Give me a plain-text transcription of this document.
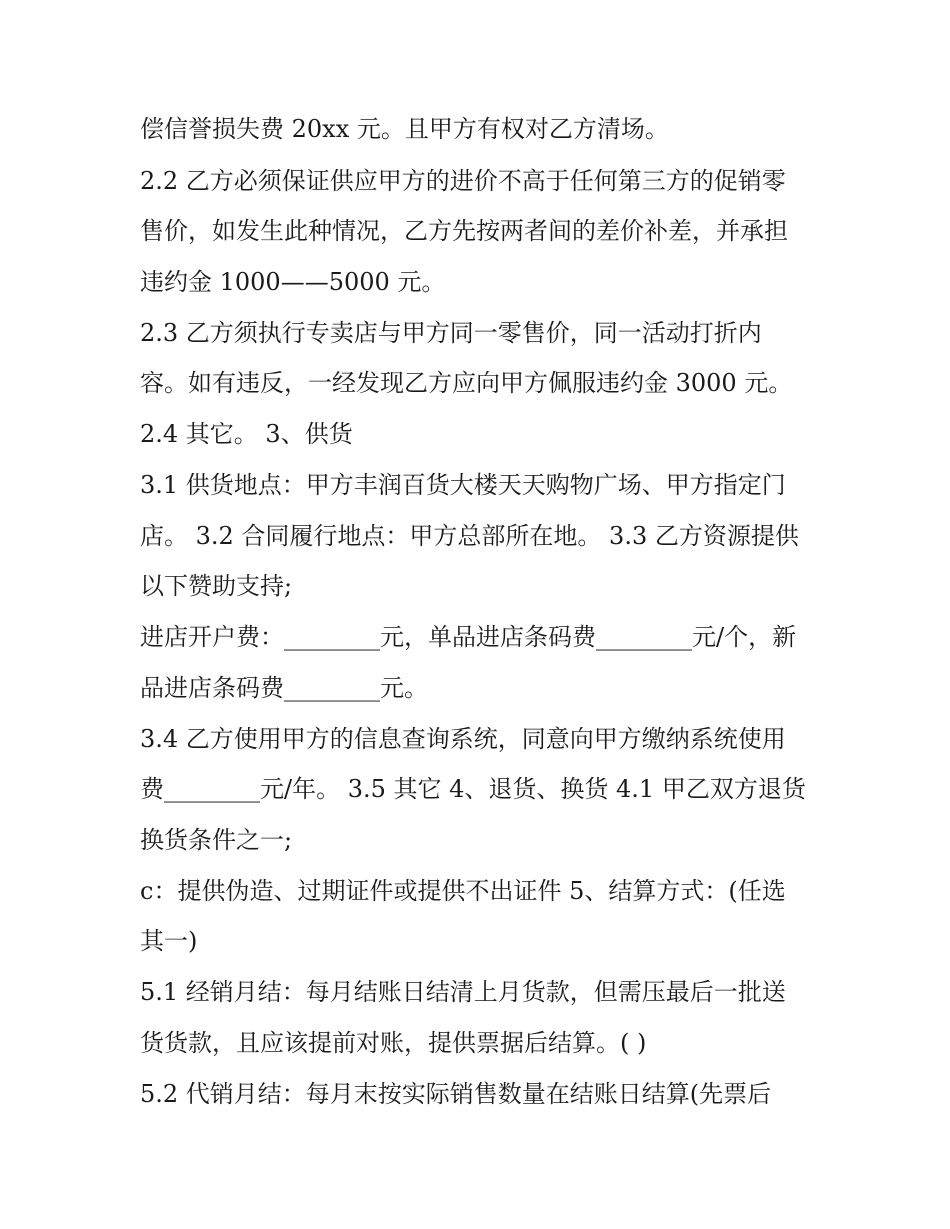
偿信誉损失费 20xx 元。且甲方有权对乙方清场。
2.2 乙方必须保证供应甲方的进价不高于任何第三方的促销零
售价，如发生此种情况，乙方先按两者间的差价补差，并承担
违约金 1000——5000 元。
2.3 乙方须执行专卖店与甲方同一零售价，同一活动打折内
容。如有违反，一经发现乙方应向甲方佩服违约金 3000 元。
2.4 其它。 3、供货
3.1 供货地点：甲方丰润百货大楼天天购物广场、甲方指定门
店。 3.2 合同履行地点：甲方总部所在地。 3.3 乙方资源提供
以下赞助支持;
进店开户费：________元，单品进店条码费________元/个，新
品进店条码费________元。
3.4 乙方使用甲方的信息查询系统，同意向甲方缴纳系统使用
费________元/年。 3.5 其它 4、退货、换货 4.1 甲乙双方退货
换货条件之一;
c：提供伪造、过期证件或提供不出证件 5、结算方式：(任选
其一)
5.1 经销月结：每月结账日结清上月货款，但需压最后一批送
货货款，且应该提前对账，提供票据后结算。( )
5.2 代销月结：每月末按实际销售数量在结账日结算(先票后
